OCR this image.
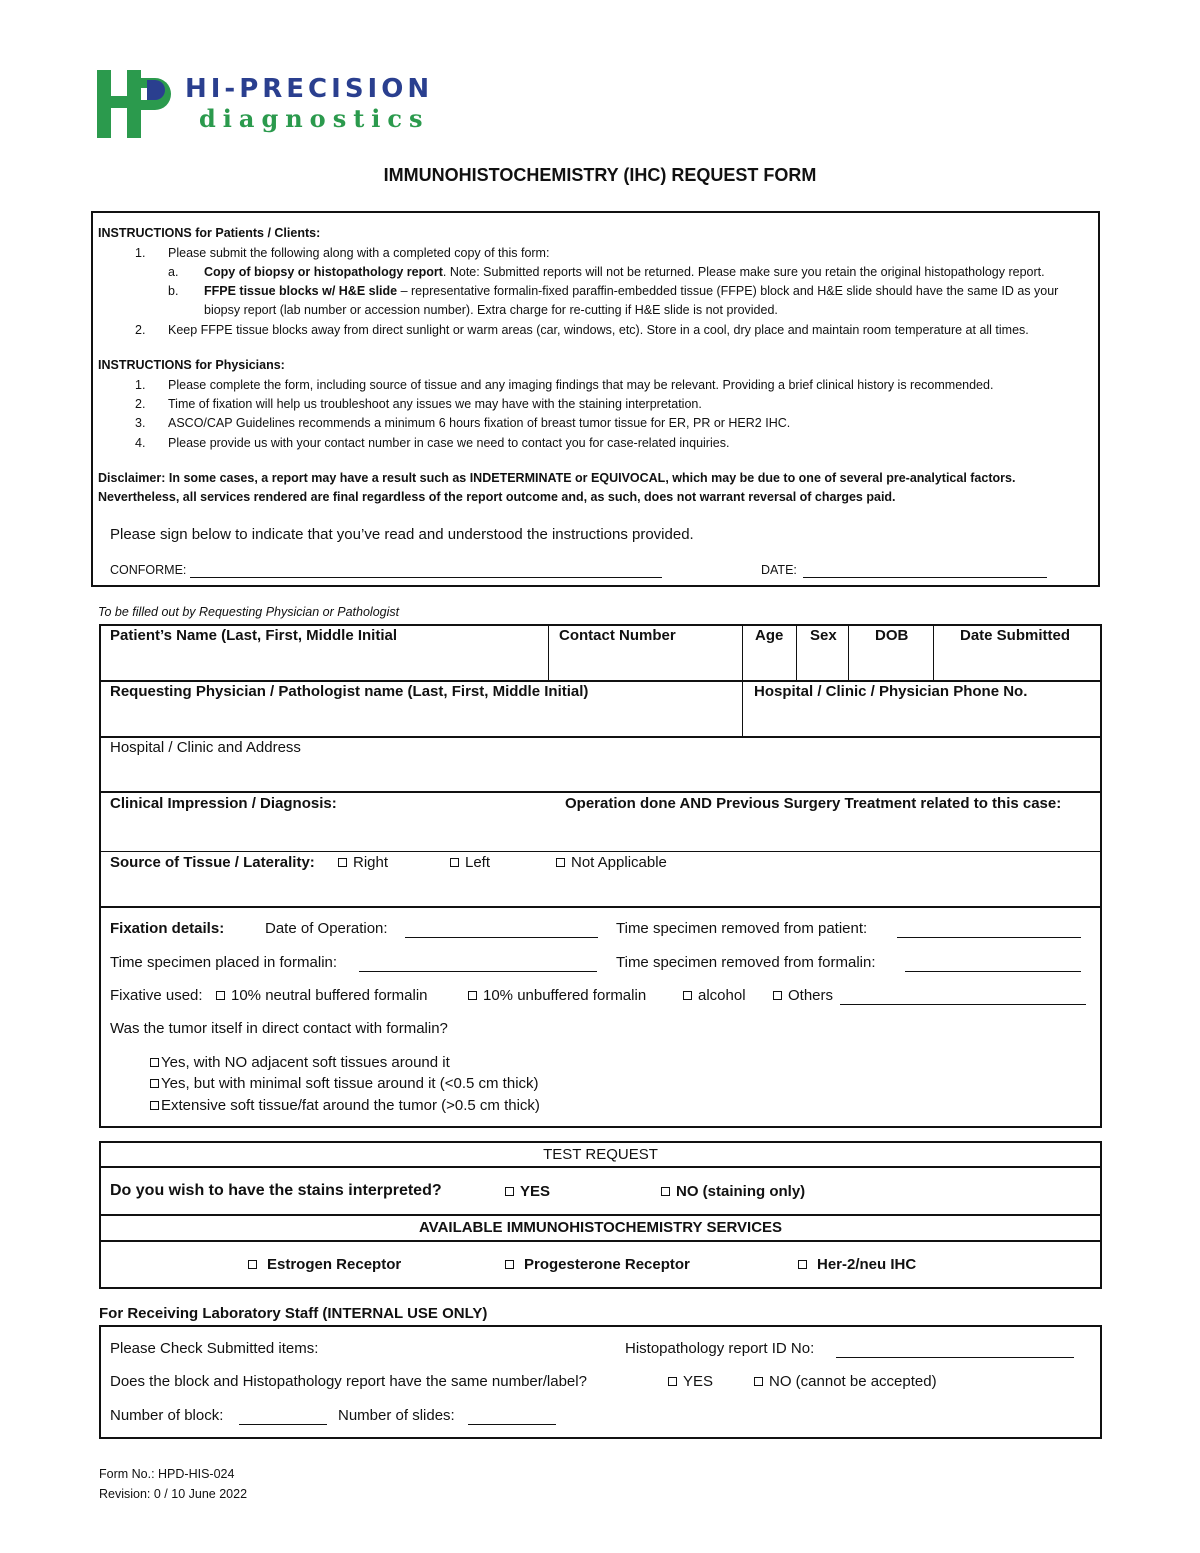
HI-PRECISION
diagnostics
IMMUNOHISTOCHEMISTRY (IHC) REQUEST FORM
INSTRUCTIONS for Patients / Clients:
1. Please submit the following along with a completed copy of this form:
a. Copy of biopsy or histopathology report. Note: Submitted reports will not be returned. Please make sure you retain the original histopathology report.
b. FFPE tissue blocks w/ H&E slide – representative formalin-fixed paraffin-embedded tissue (FFPE) block and H&E slide should have the same ID as your
biopsy report (lab number or accession number). Extra charge for re-cutting if H&E slide is not provided.
2. Keep FFPE tissue blocks away from direct sunlight or warm areas (car, windows, etc). Store in a cool, dry place and maintain room temperature at all times.
INSTRUCTIONS for Physicians:
1. Please complete the form, including source of tissue and any imaging findings that may be relevant. Providing a brief clinical history is recommended.
2. Time of fixation will help us troubleshoot any issues we may have with the staining interpretation.
3. ASCO/CAP Guidelines recommends a minimum 6 hours fixation of breast tumor tissue for ER, PR or HER2 IHC.
4. Please provide us with your contact number in case we need to contact you for case-related inquiries.
Disclaimer: In some cases, a report may have a result such as INDETERMINATE or EQUIVOCAL, which may be due to one of several pre-analytical factors.
Nevertheless, all services rendered are final regardless of the report outcome and, as such, does not warrant reversal of charges paid.
Please sign below to indicate that you’ve read and understood the instructions provided.
CONFORME:	DATE:
To be filled out by Requesting Physician or Pathologist
Patient’s Name (Last, First, Middle Initial	Contact Number	Age Sex	DOB	Date Submitted
Requesting Physician / Pathologist name (Last, First, Middle Initial)	Hospital / Clinic / Physician Phone No.
Hospital / Clinic and Address
Clinical Impression / Diagnosis:	Operation done AND Previous Surgery Treatment related to this case:
Source of Tissue / Laterality:	Right	Left	Not Applicable
Fixation details:	Date of Operation:	Time specimen removed from patient:
Time specimen placed in formalin:	Time specimen removed from formalin:
Fixative used:	10% neutral buffered formalin	10% unbuffered formalin	alcohol	Others
Was the tumor itself in direct contact with formalin?
Yes, with NO adjacent soft tissues around it
Yes, but with minimal soft tissue around it (<0.5 cm thick)
Extensive soft tissue/fat around the tumor (>0.5 cm thick)
TEST REQUEST
Do you wish to have the stains interpreted?	YES	NO (staining only)
AVAILABLE IMMUNOHISTOCHEMISTRY SERVICES
Estrogen Receptor	Progesterone Receptor	Her-2/neu IHC
For Receiving Laboratory Staff (INTERNAL USE ONLY)
Please Check Submitted items:	Histopathology report ID No:
Does the block and Histopathology report have the same number/label?	YES	NO (cannot be accepted)
Number of block:	Number of slides:
Form No.: HPD-HIS-024
Revision: 0 / 10 June 2022
